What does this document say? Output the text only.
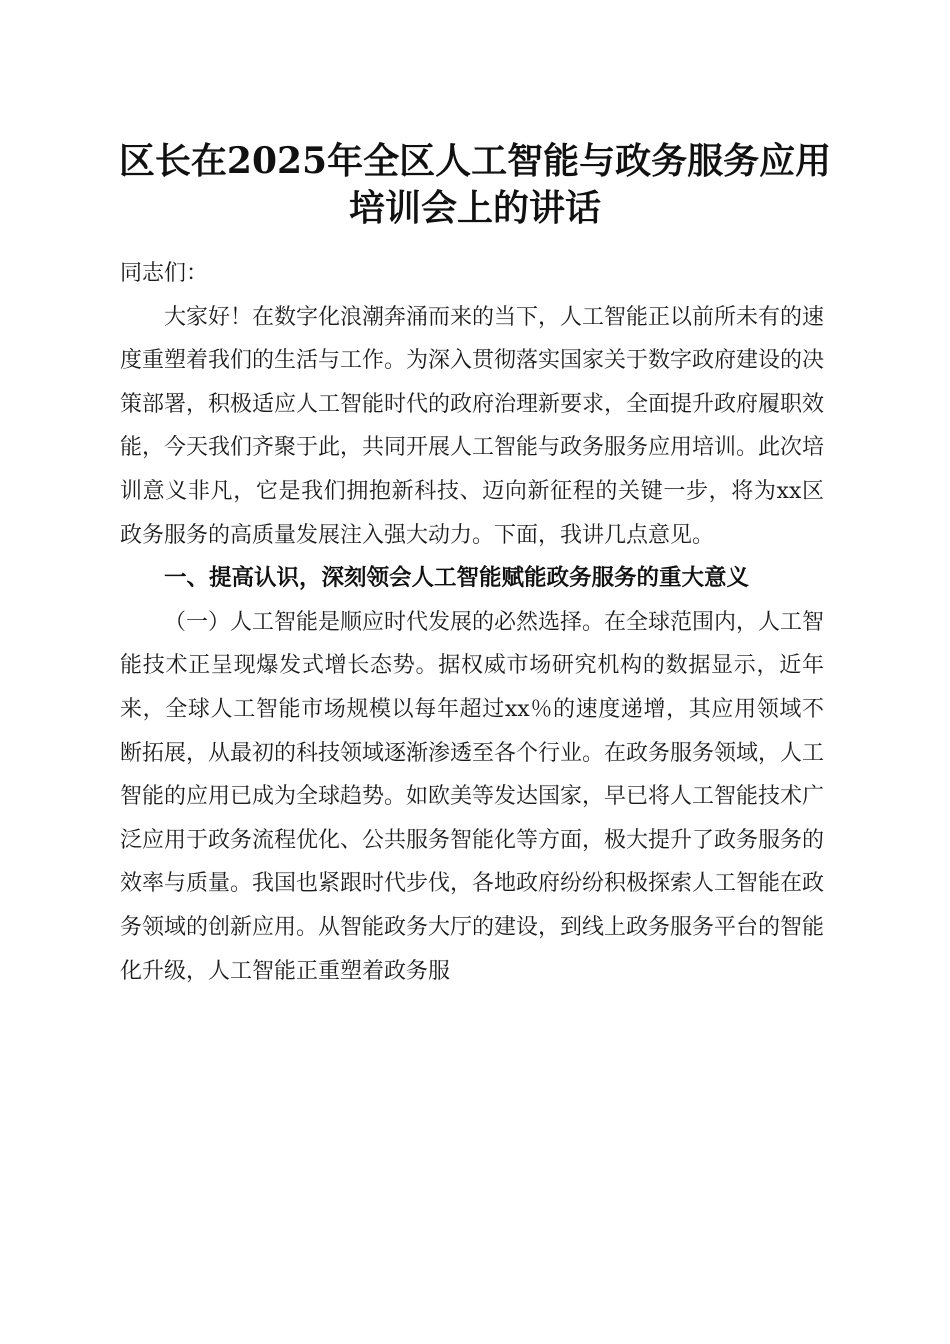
区长在2025年全区人工智能与政务服务应用
培训会上的讲话

同志们：

大家好！在数字化浪潮奔涌而来的当下，人工智能正以前所未有的速度重塑着我们的生活与工作。为深入贯彻落实国家关于数字政府建设的决策部署，积极适应人工智能时代的政府治理新要求，全面提升政府履职效能，今天我们齐聚于此，共同开展人工智能与政务服务应用培训。此次培训意义非凡，它是我们拥抱新科技、迈向新征程的关键一步，将为xx区政务服务的高质量发展注入强大动力。下面，我讲几点意见。

一、提高认识，深刻领会人工智能赋能政务服务的重大意义

（一）人工智能是顺应时代发展的必然选择。在全球范围内，人工智能技术正呈现爆发式增长态势。据权威市场研究机构的数据显示，近年来，全球人工智能市场规模以每年超过xx％的速度递增，其应用领域不断拓展，从最初的科技领域逐渐渗透至各个行业。在政务服务领域，人工智能的应用已成为全球趋势。如欧美等发达国家，早已将人工智能技术广泛应用于政务流程优化、公共服务智能化等方面，极大提升了政务服务的效率与质量。我国也紧跟时代步伐，各地政府纷纷积极探索人工智能在政务领域的创新应用。从智能政务大厅的建设，到线上政务服务平台的智能化升级，人工智能正重塑着政务服
